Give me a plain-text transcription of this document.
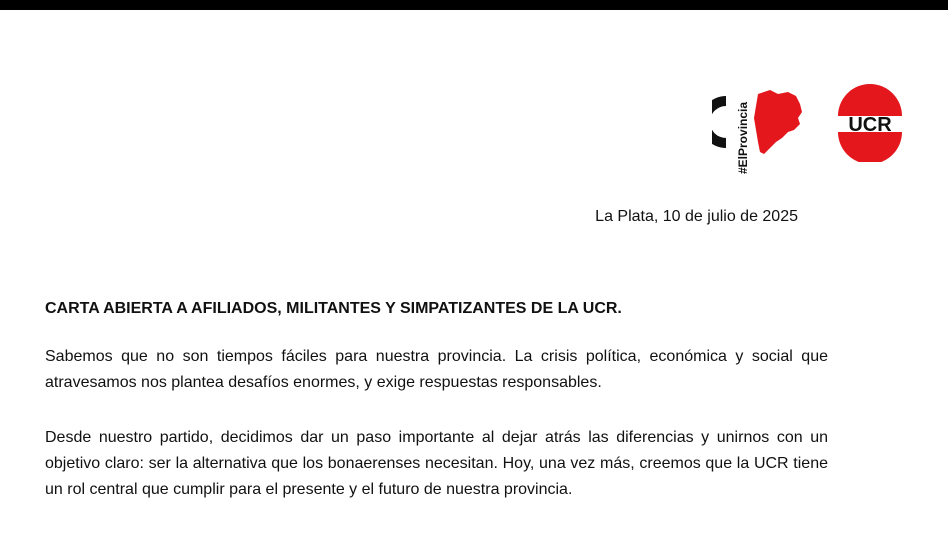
#ElProvincia	UCR
La Plata, 10 de julio de 2025
CARTA ABIERTA A AFILIADOS, MILITANTES Y SIMPATIZANTES DE LA UCR.
Sabemos que no son tiempos fáciles para nuestra provincia. La crisis política, económica y social que atravesamos nos plantea desafíos enormes, y exige respuestas responsables.
Desde nuestro partido, decidimos dar un paso importante al dejar atrás las diferencias y unirnos con un objetivo claro: ser la alternativa que los bonaerenses necesitan. Hoy, una vez más, creemos que la UCR tiene un rol central que cumplir para el presente y el futuro de nuestra provincia.
